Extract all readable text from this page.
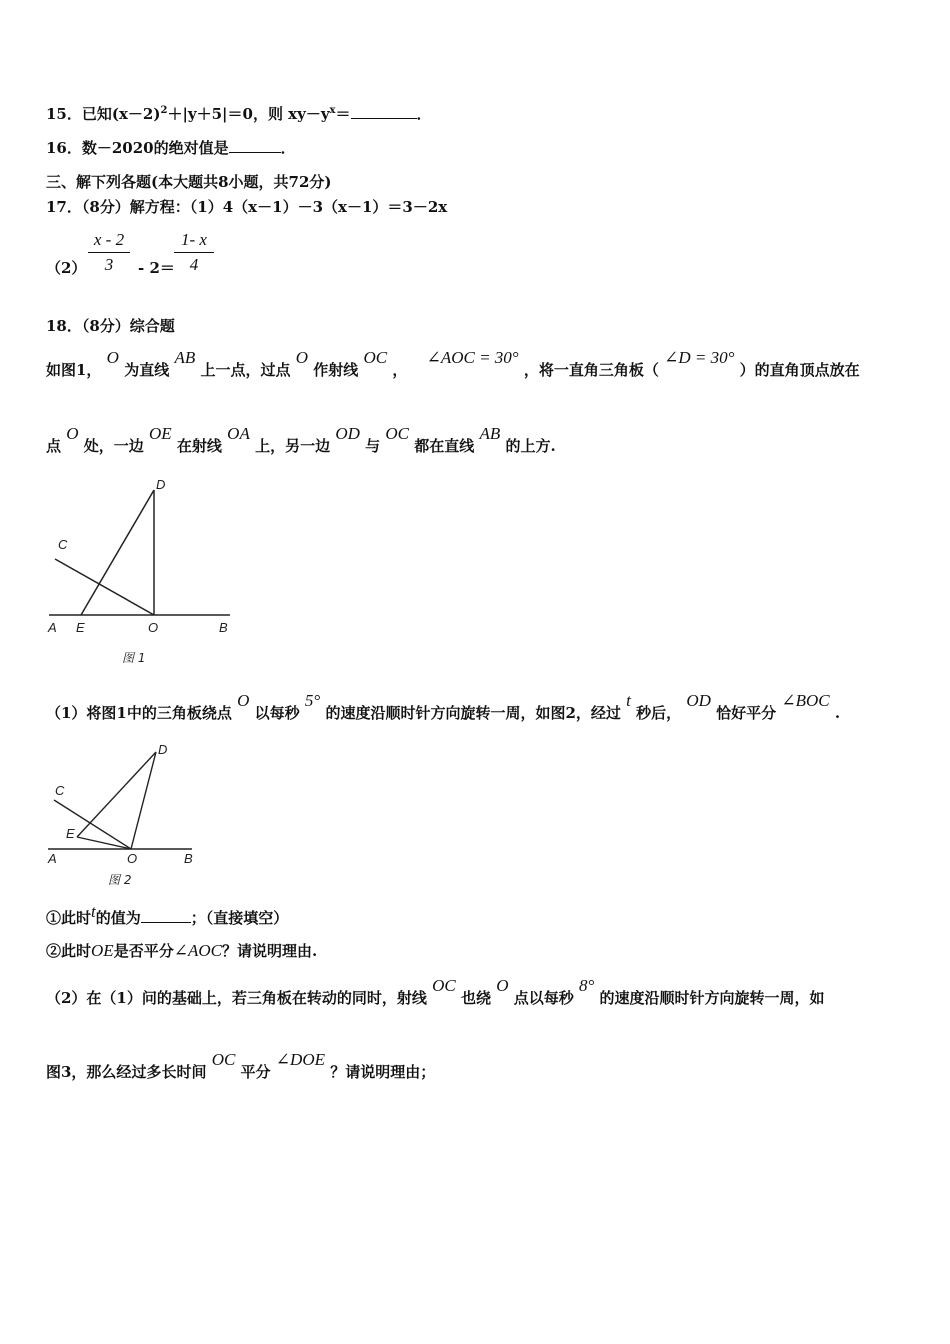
15．已知$(x-2)^2+|y+5|=0$，则 $xy-y^x=$	．
16．数－2020的绝对值是	．
三、解下列各题(本大题共8小题，共72分)
17．（8分）解方程：（1）4（x－1）－3（x－1）＝3－2x
（2）
x - 2
3	- 2＝
1- x
4
18．（8分）综合题
如图1， O 为直线 AB 上一点，过点 O 作射线 OC ， ∠AOC = 30° ，将一直角三角板（ ∠D = 30° ）的直角顶点放在
点 O 处，一边 OE 在射线 OA 上，另一边 OD 与 OC 都在直线 AB 的上方.
D
C
A E	O	B
图 1
（1）将图1中的三角板绕点 O 以每秒 5° 的速度沿顺时针方向旋转一周，如图2，经过 t 秒后， OD 恰好平分 ∠BOC .
D
C
E
A	O	B
图 2
①此时t的值为	；（直接填空）
②此时OE是否平分∠AOC？请说明理由.
（2）在（1）问的基础上，若三角板在转动的同时，射线 OC 也绕 O 点以每秒 8° 的速度沿顺时针方向旋转一周，如
图3，那么经过多长时间 OC 平分 ∠DOE ？请说明理由；
